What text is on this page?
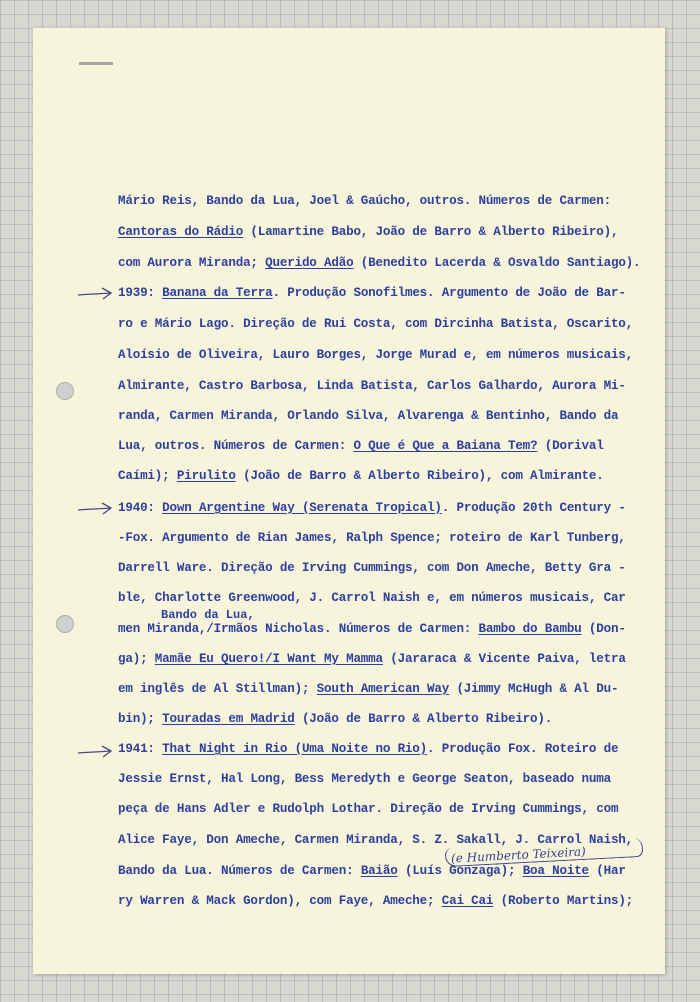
Mário Reis, Bando da Lua, Joel & Gaúcho, outros. Números de Carmen:
Cantoras do Rádio (Lamartine Babo, João de Barro & Alberto Ribeiro),
com Aurora Miranda; Querido Adão (Benedito Lacerda & Osvaldo Santiago).
1939: Banana da Terra. Produção Sonofilmes. Argumento de João de Bar-
ro e Mário Lago. Direção de Rui Costa, com Dircinha Batista, Oscarito,
Aloísio de Oliveira, Lauro Borges, Jorge Murad e, em números musicais,
Almirante, Castro Barbosa, Linda Batista, Carlos Galhardo, Aurora Mi-
randa, Carmen Miranda, Orlando Silva, Alvarenga & Bentinho, Bando da
Lua, outros. Números de Carmen: O Que é Que a Baiana Tem? (Dorival
Caími); Pirulito (João de Barro & Alberto Ribeiro), com Almirante.
1940: Down Argentine Way (Serenata Tropical). Produção 20th Century -
-Fox. Argumento de Rian James, Ralph Spence; roteiro de Karl Tunberg,
Darrell Ware. Direção de Irving Cummings, com Don Ameche, Betty Gra -
ble, Charlotte Greenwood, J. Carrol Naish e, em números musicais, Car
Bando da Lua,
men Miranda,/Irmãos Nicholas. Números de Carmen: Bambo do Bambu (Don-
ga); Mamãe Eu Quero!/I Want My Mamma (Jararaca & Vicente Paiva, letra
em inglês de Al Stillman); South American Way (Jimmy McHugh & Al Du-
bin); Touradas em Madrid (João de Barro & Alberto Ribeiro).
1941: That Night in Rio (Uma Noite no Rio). Produção Fox. Roteiro de
Jessie Ernst, Hal Long, Bess Meredyth e George Seaton, baseado numa
peça de Hans Adler e Rudolph Lothar. Direção de Irving Cummings, com
Alice Faye, Don Ameche, Carmen Miranda, S. Z. Sakall, J. Carrol Naish,
(e Humberto Teixeira)
Bando da Lua. Números de Carmen: Baião (Luís Gonzaga); Boa Noite (Har
ry Warren & Mack Gordon), com Faye, Ameche; Cai Cai (Roberto Martins);
